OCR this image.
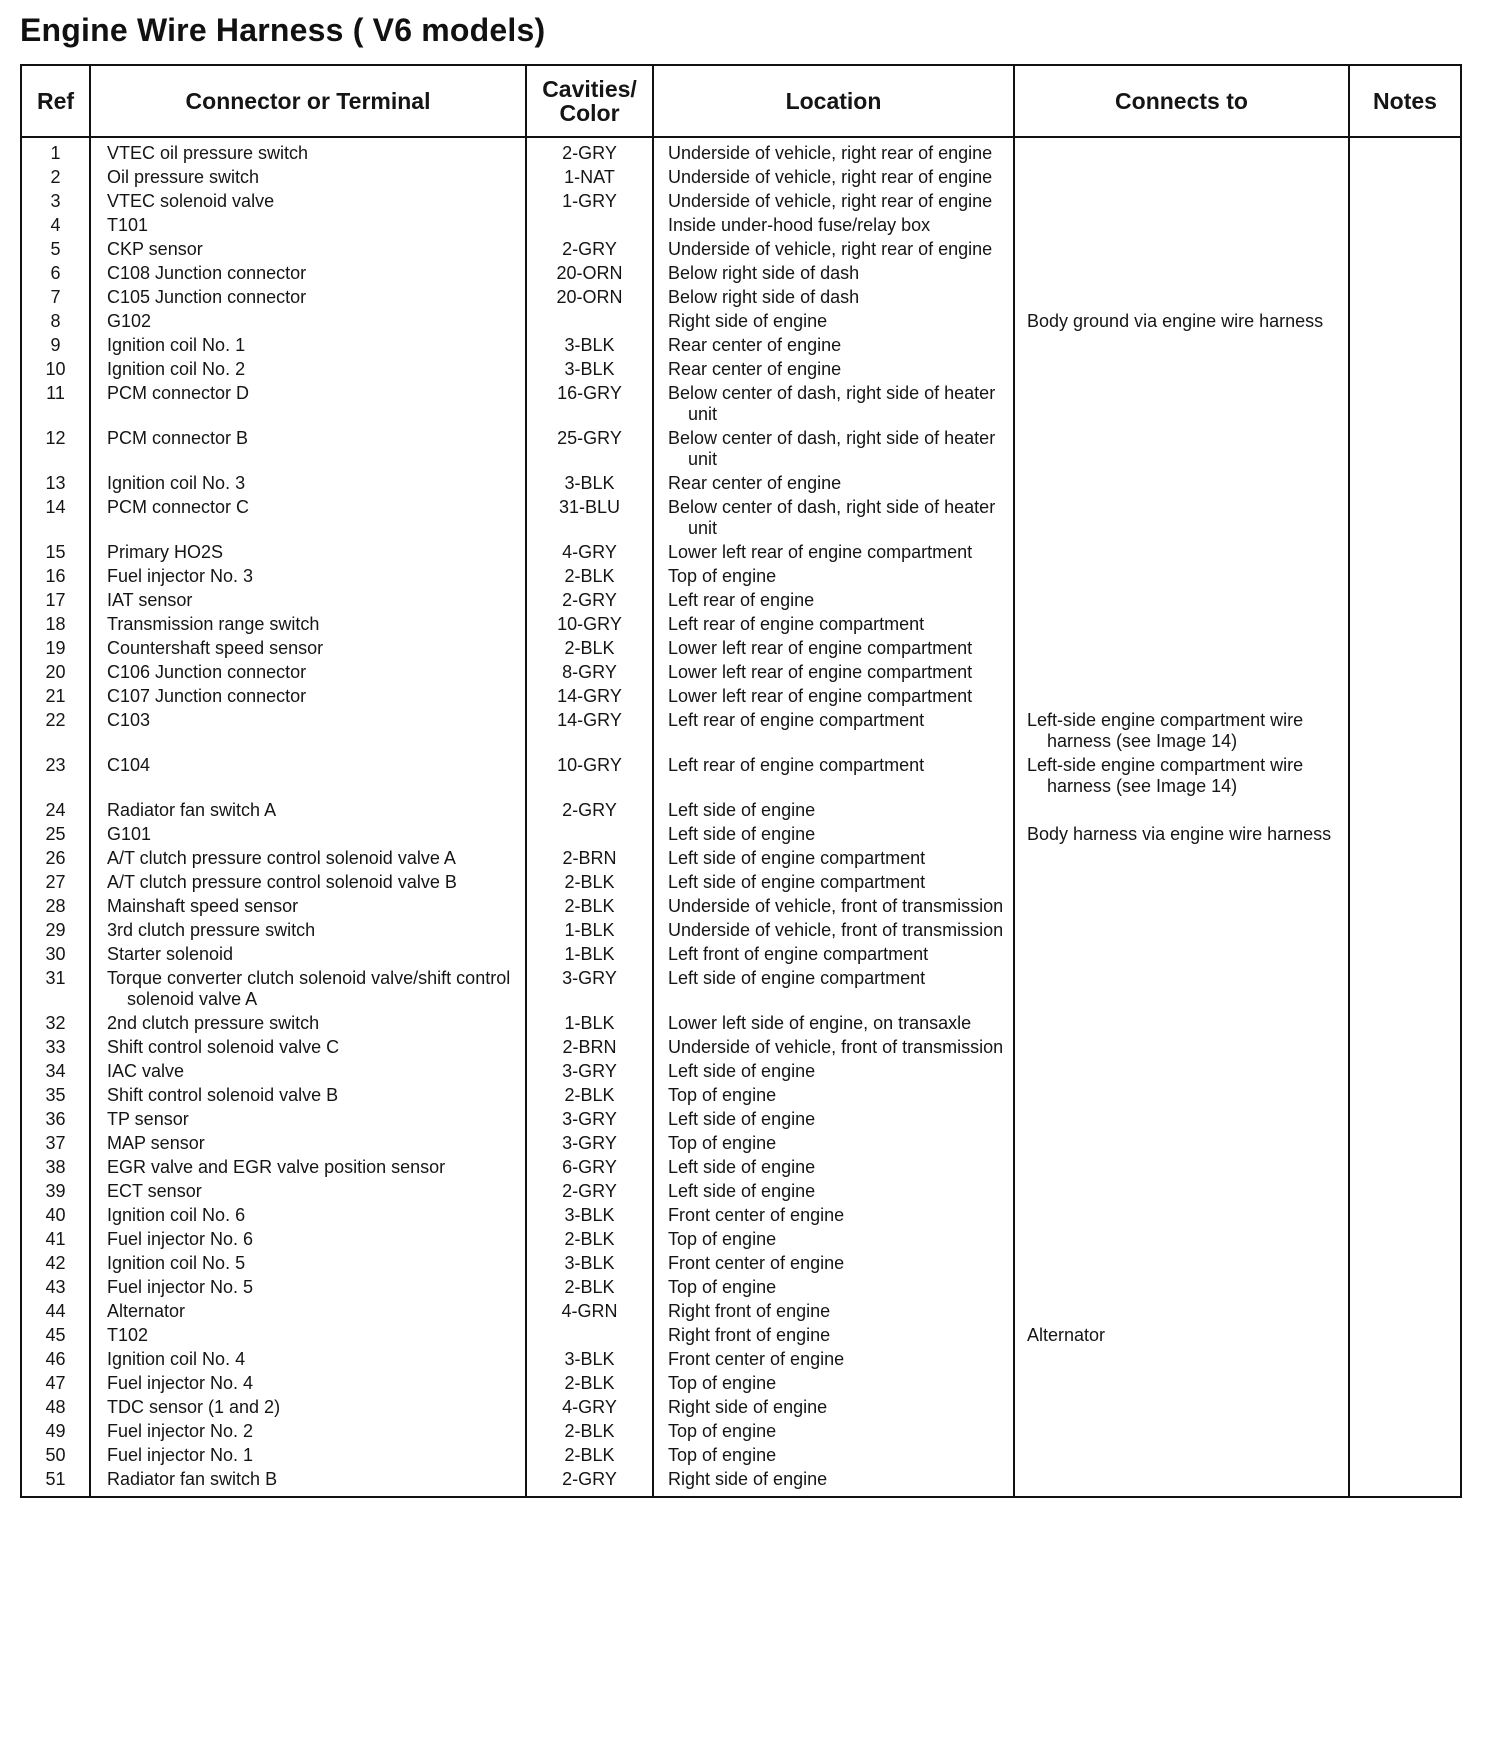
Engine Wire Harness ( V6 models)
Ref	Connector or Terminal	Cavities/
Color	Location	Connects to	Notes

1	VTEC oil pressure switch	2-GRY	Underside of vehicle, right rear of engine		

2	Oil pressure switch	1-NAT	Underside of vehicle, right rear of engine		

3	VTEC solenoid valve	1-GRY	Underside of vehicle, right rear of engine		

4	T101		Inside under-hood fuse/relay box		

5	CKP sensor	2-GRY	Underside of vehicle, right rear of engine		

6	C108 Junction connector	20-ORN	Below right side of dash		

7	C105 Junction connector	20-ORN	Below right side of dash		

8	G102		Right side of engine	Body ground via engine wire harness	

9	Ignition coil No. 1	3-BLK	Rear center of engine		

10	Ignition coil No. 2	3-BLK	Rear center of engine		

11	PCM connector D	16-GRY	Below center of dash, right side of heater unit		

12	PCM connector B	25-GRY	Below center of dash, right side of heater unit		

13	Ignition coil No. 3	3-BLK	Rear center of engine		

14	PCM connector C	31-BLU	Below center of dash, right side of heater unit		

15	Primary HO2S	4-GRY	Lower left rear of engine compartment		

16	Fuel injector No. 3	2-BLK	Top of engine		

17	IAT sensor	2-GRY	Left rear of engine		

18	Transmission range switch	10-GRY	Left rear of engine compartment		

19	Countershaft speed sensor	2-BLK	Lower left rear of engine compartment		

20	C106 Junction connector	8-GRY	Lower left rear of engine compartment		

21	C107 Junction connector	14-GRY	Lower left rear of engine compartment		

22	C103	14-GRY	Left rear of engine compartment	Left-side engine compartment wire harness (see Image 14)	

23	C104	10-GRY	Left rear of engine compartment	Left-side engine compartment wire harness (see Image 14)	

24	Radiator fan switch A	2-GRY	Left side of engine		

25	G101		Left side of engine	Body harness via engine wire harness	

26	A/T clutch pressure control solenoid valve A	2-BRN	Left side of engine compartment		

27	A/T clutch pressure control solenoid valve B	2-BLK	Left side of engine compartment		

28	Mainshaft speed sensor	2-BLK	Underside of vehicle, front of transmission		

29	3rd clutch pressure switch	1-BLK	Underside of vehicle, front of transmission		

30	Starter solenoid	1-BLK	Left front of engine compartment		

31	Torque converter clutch solenoid valve/shift control solenoid valve A	3-GRY	Left side of engine compartment		

32	2nd clutch pressure switch	1-BLK	Lower left side of engine, on transaxle		

33	Shift control solenoid valve C	2-BRN	Underside of vehicle, front of transmission		

34	IAC valve	3-GRY	Left side of engine		

35	Shift control solenoid valve B	2-BLK	Top of engine		

36	TP sensor	3-GRY	Left side of engine		

37	MAP sensor	3-GRY	Top of engine		

38	EGR valve and EGR valve position sensor	6-GRY	Left side of engine		

39	ECT sensor	2-GRY	Left side of engine		

40	Ignition coil No. 6	3-BLK	Front center of engine		

41	Fuel injector No. 6	2-BLK	Top of engine		

42	Ignition coil No. 5	3-BLK	Front center of engine		

43	Fuel injector No. 5	2-BLK	Top of engine		

44	Alternator	4-GRN	Right front of engine		

45	T102		Right front of engine	Alternator	

46	Ignition coil No. 4	3-BLK	Front center of engine		

47	Fuel injector No. 4	2-BLK	Top of engine		

48	TDC sensor (1 and 2)	4-GRY	Right side of engine		

49	Fuel injector No. 2	2-BLK	Top of engine		

50	Fuel injector No. 1	2-BLK	Top of engine		

51	Radiator fan switch B	2-GRY	Right side of engine		
